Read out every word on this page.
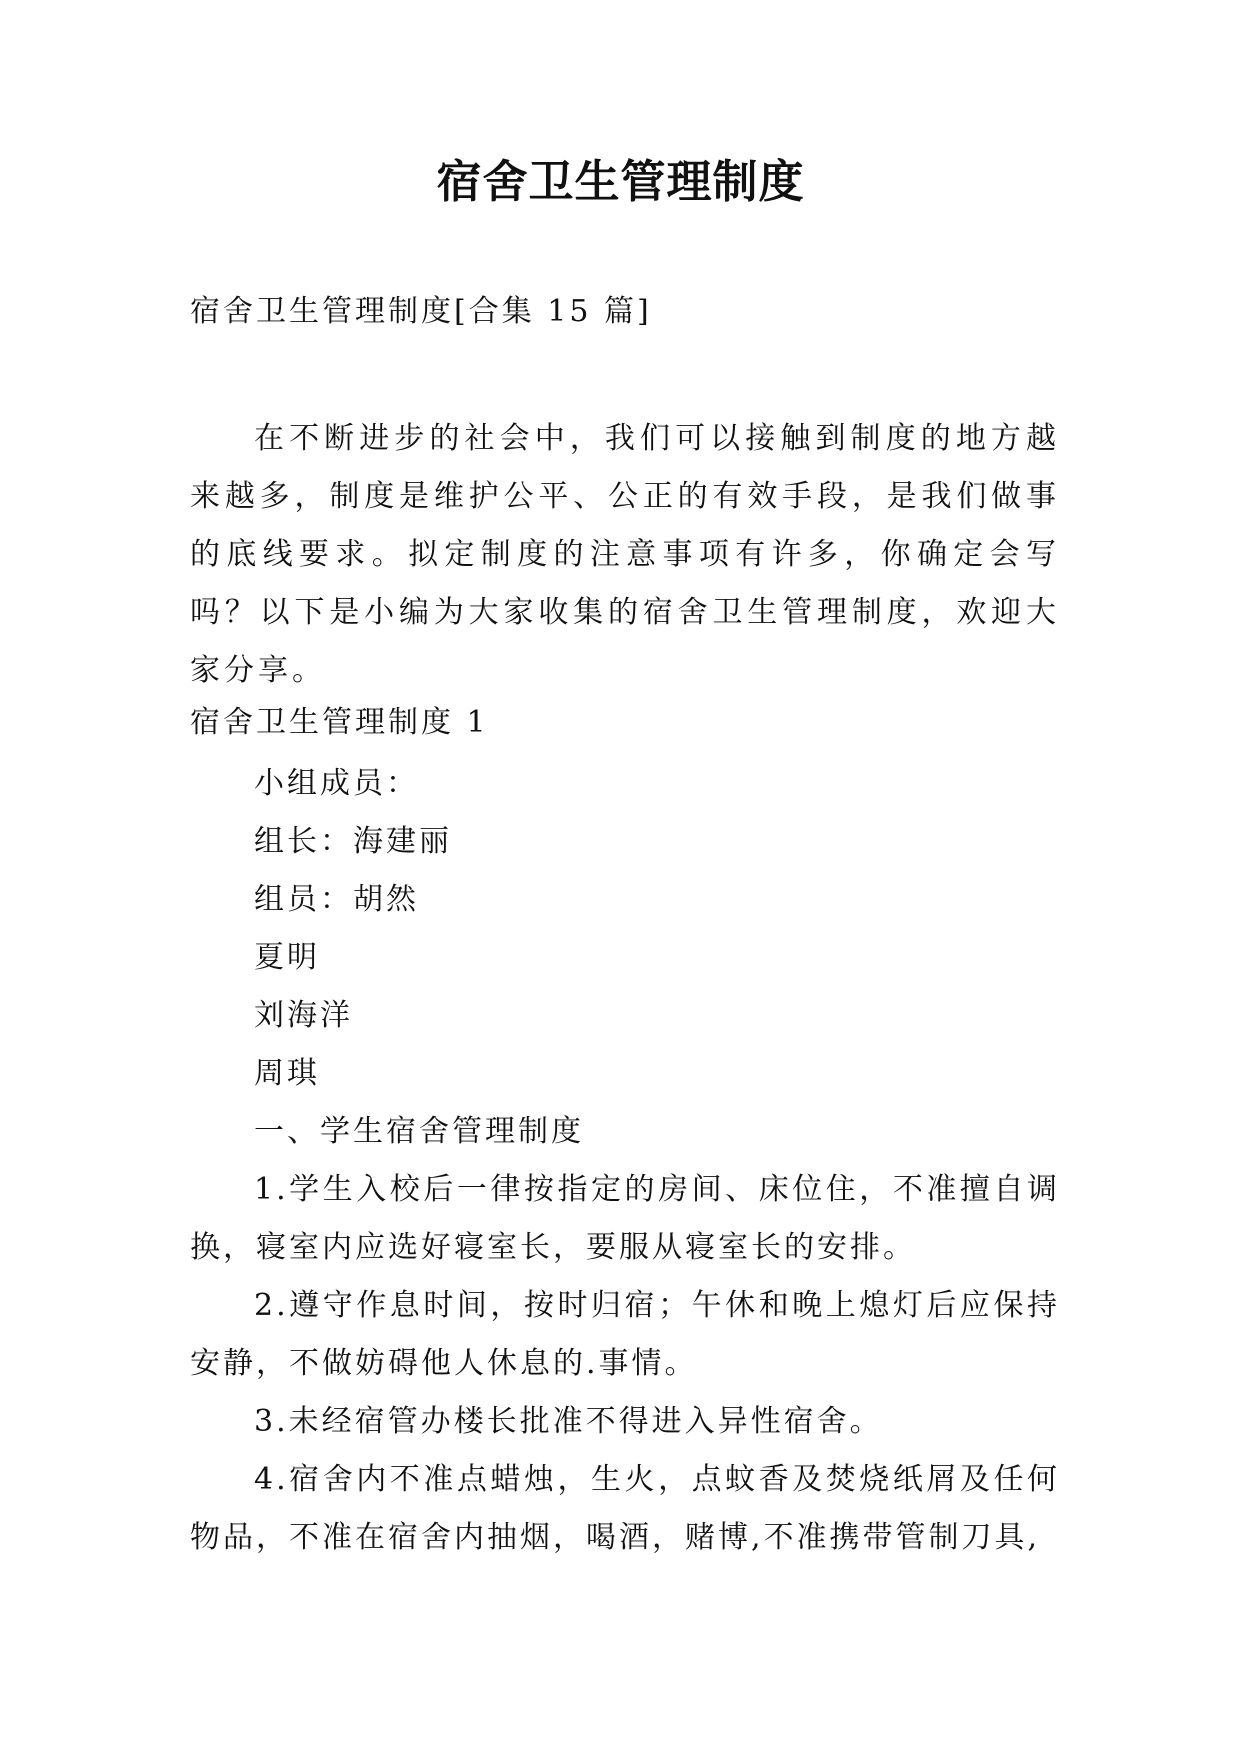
宿舍卫生管理制度
宿舍卫生管理制度[合集 15 篇]

在不断进步的社会中，我们可以接触到制度的地方越来越多，制度是维护公平、公正的有效手段，是我们做事的底线要求。拟定制度的注意事项有许多，你确定会写吗？以下是小编为大家收集的宿舍卫生管理制度，欢迎大家分享。

宿舍卫生管理制度 1

小组成员：

组长：海建丽

组员：胡然

夏明

刘海洋

周琪

一、学生宿舍管理制度

1.学生入校后一律按指定的房间、床位住，不准擅自调换，寝室内应选好寝室长，要服从寝室长的安排。

2.遵守作息时间，按时归宿；午休和晚上熄灯后应保持安静，不做妨碍他人休息的.事情。

3.未经宿管办楼长批准不得进入异性宿舍。

4.宿舍内不准点蜡烛，生火，点蚊香及焚烧纸屑及任何物品，不准在宿舍内抽烟，喝酒，赌博,不准携带管制刀具,
